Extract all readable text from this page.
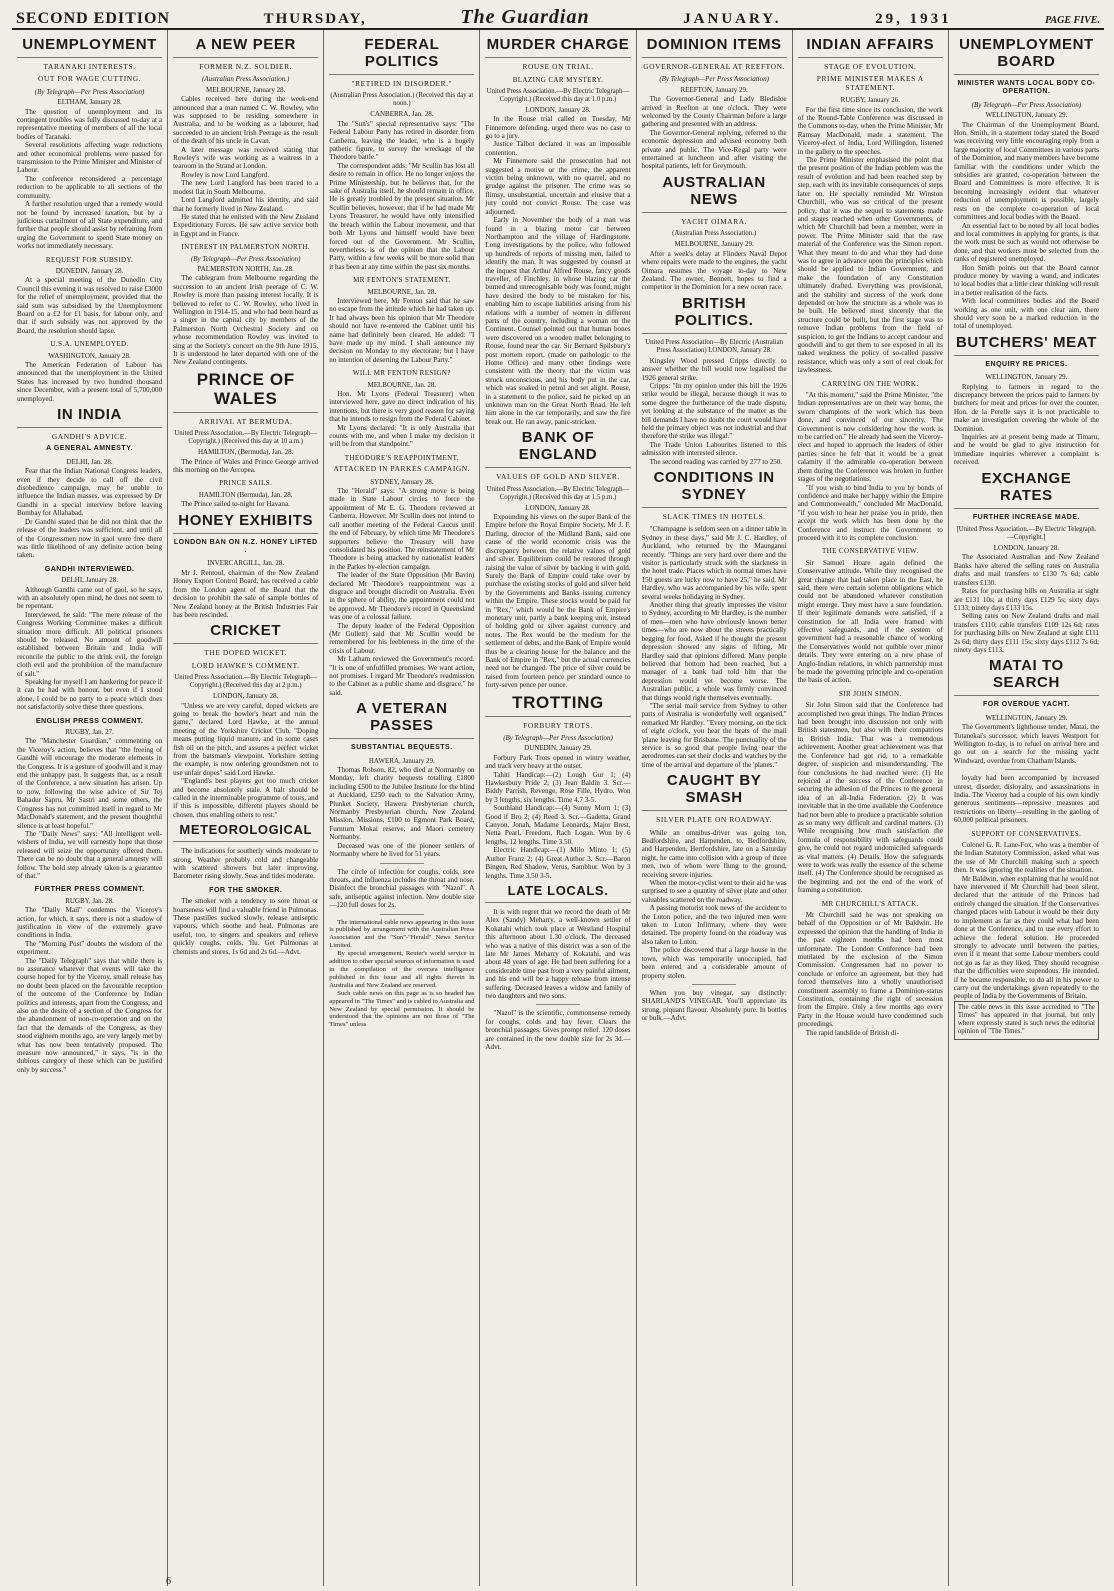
SECOND EDITION	THURSDAY,	The Guardian	JANUARY.	29, 1931	PAGE FIVE.
UNEMPLOYMENT
TARANAKI INTERESTS.
OUT FOR WAGE CUTTING.
(By Telegraph—Per Press Association)
ELTHAM, January 28.

The question of unemployment and its contingent troubles was fully discussed to-day at a representative meeting of members of all the local bodies of Taranaki.

Several resolutions affecting wage reductions and other economical problems were passed for transmission to the Prime Minister and Minister of Labour.

The conference reconsidered a percentage reduction to be applicable to all sections of the community.

A further resolution urged that a remedy would not be found by increased taxation, but by a judicious curtailment of all State expenditure, and further that people should assist by refraining from urging the Government to spend State money on works not immediately necessary.

REQUEST FOR SUBSIDY.
DUNEDIN, January 28.

At a special meeting of the Dunedin City Council this evening it was resolved to raise £3000 for the relief of unemployment, provided that the said sum was subsidised by the Unemployment Board on a £2 for £1 basis, for labour only, and that if such subsidy was not approved by the Board, the resolution should lapse.

U.S.A. UNEMPLOYED.
WASHINGTON, January 28.

The American Federation of Labour has announced that the unemployment in the United States has increased by two hundred thousand since December, with a present total of 5,700,000 unemployed.

IN INDIA
GANDHI'S ADVICE.
A GENERAL AMNESTY.
DELHI, Jan. 28.

Fear that the Indian National Congress leaders, even if they decide to call off the civil disobedience campaign, may be unable to influence the Indian masses, was expressed by Dr Gandhi in a special interview before leaving Bombay for Allahabad.

Dr Gandhi stated that he did not think that the release of the leaders was sufficient, and until all of the Congressmen now in gaol were free there was little likelihood of any definite action being taken.

GANDHI INTERVIEWED.
DELHI, January 28.

Although Gandhi came out of gaol, so he says, with an absolutely open mind, he does not seem to be repentant.

Interviewed, he said: "The mere release of the Congress Working Committee makes a difficult situation more difficult. All political prisoners should be released. No amount of goodwill established between Britain and India will reconcile the public to the drink evil, the foreign cloth evil and the prohibition of the manufacture of salt."

Speaking for myself I am hankering for peace if it can be had with honour, but even if I stood alone, I could be no party to a peace which does not satisfactorily solve these three questions.

ENGLISH PRESS COMMENT.
RUGBY, Jan. 27.

The "Manchester Guardian," commenting on the Viceroy's action, believes that "the freeing of Gandhi will encourage the moderate elements in the Congress. It is a gesture of goodwill and it may end the unhappy past. It suggests that, as a result of the Conference, a new situation has arisen. Up to now, following the wise advice of Sir Tej Bahadur Sapru, Mr Sastri and some others, the Congress has not committed itself in regard to Mr MacDonald's statement, and the present thoughtful silence is at least hopeful."

The "Daily News" says: "All intelligent well-wishers of India, we will earnestly hope that those released will seize the opportunity offered them. There can be no doubt that a general amnesty will follow. The bold step already taken is a guarantee of that."

FURTHER PRESS COMMENT.
RUGBY, Jan. 28.

The "Daily Mail" condemns the Viceroy's action, for which, it says, there is not a shadow of justification in view of the extremely grave conditions in India.

The "Morning Post" doubts the wisdom of the experiment.

The "Daily Telegraph" says that while there is no assurance whatever that events will take the course hoped for by the Viceroy, small release has no doubt been placed on the favourable reception of the outcome of the Conference by Indian politics and interests, apart from the Congress, and also on the desire of a section of the Congress for the abandonment of non-co-operation and on the fact that the demands of the Congress, as they stood eighteen months ago, are very largely met by what has now been tentatively proposed. The measure now announced," it says, "is in the dubious category of those which can be justified only by success."

A NEW PEER
FORMER N.Z. SOLDIER.
(Australian Press Association.)
MELBOURNE, January 28.

Cables received here during the week-end announced that a man named C. W. Rowley, who was supposed to be residing somewhere in Australia, and to be working as a labourer, had succeeded to an ancient Irish Peerage as the result of the death of his uncle in Cavan.

A later message was received stating that Rowley's wife was working as a waitress in a tearoom in the Strand at London.

Rowley is now Lord Langford.

The new Lord Langford has been traced to a modest flat in South Melbourne.

Lord Langford admitted his identity, and said that he formerly lived in New Zealand.

He stated that he enlisted with the New Zealand Expeditionary Forces. He saw active service both in Egypt and in France.

INTEREST IN PALMERSTON NORTH.
(By Telegraph—Per Press Association)
PALMERSTON NORTH, Jan. 28.

The cablegram from Melbourne regarding the succession to an ancient Irish peerage of C. W. Rowley is more than passing interest locally. It is believed to refer to C. W. Rowley, who lived in Wellington in 1914-15, and who had been heard as a singer in the capital city by members of the Palmerston North Orchestral Society and on whose recommendation Rowley was invited to sing at the Society's concert on the 9th June 1915. It is understood he later departed with one of the New Zealand contingents.

PRINCE OF WALES
ARRIVAL AT BERMUDA.
United Press Association.—By Electric Telegraph—Copyright.) (Received this day at 10 a.m.)
HAMILTON, (Bermuda), Jan. 28.

The Prince of Wales and Prince George arrived this morning on the Arcopea.

PRINCE SAILS.
HAMILTON (Bermuda), Jan. 28.

The Prince sailed to-night for Havana.

HONEY EXHIBITS
LONDON BAN ON N.Z. HONEY LIFTED .
INVERCARGILL, Jan. 28.

Mr J. Rentoul, chairman of the New Zealand Honey Export Control Board, has received a cable from the London agent of the Board that the decision to prohibit the sale of sample bottles of New Zealand honey at the British Industries Fair has been rescinded.

CRICKET
THE DOPED WICKET.
LORD HAWKE'S COMMENT.
United Press Association.—By Electric Telegraph—Copyright.) (Received this day at 2 p.m.)
LONDON, January 28.

"Unless we are very careful, doped wickets are going to break the bowler's heart and ruin the game," declared Lord Hawke, at the annual meeting of the Yorkshire Cricket Club. "Doping means putting liquid manure, and in some cases fish oil on the pitch, and assures a perfect wicket from the batsman's viewpoint. Yorkshire setting the example, is now ordering groundsmen not to use unfair dopes" said Lord Hawke.

"England's best players got too much cricket and become absolutely stale. A halt should be called in the interminable programme of tours, and if this is impossible, different players should be chosen, thus enabling others to rest."

METEOROLOGICAL

The indications for southerly winds moderate to strong. Weather probably cold and changeable with scattered showers but later improving. Barometer rising slowly. Seas and tides moderate.

FOR THE SMOKER.

The smoker with a tendency to sore throat or hoarseness will find a valuable friend in Pulmonas. These pastilles sucked slowly, release antiseptic vapours, which soothe and heal. Pulmonas are useful, too, to singers and speakers and relieve quickly coughs, colds, 'flu. Get Pulmonas at chemists and stores, 1s 6d and 2s 6d.—Advt.

FEDERAL POLITICS
"RETIRED IN DISORDER."
(Australian Press Association.) (Received this day at noon.)
CANBERRA, Jan. 28.

The "Sun's" special representative says: "The Federal Labour Party has retired in disorder from Canberra, leaving the leader, who is a hugely pathetic figure, to survey the wreckage of the Theodore battle."

The correspondent adds: "Mr Scullin has lost all desire to remain in office. He no longer enjoys the Prime Ministership, but he believes that, for the sake of Australia itself, he should remain in office. He is greatly troubled by the present situation. Mr Scullin believes, however, that if he had made Mr Lyons Treasurer, he would have only intensified the breach within the Labour movement, and that both Mr Lyons and himself would have been forced out of the Government. Mr Scullin, nevertheless, is of the opinion that the Labour Party, within a few weeks will be more solid than it has been at any time within the past six months.

MR FENTON'S STATEMENT.
MELBOURNE, Jan. 28.

Interviewed here, Mr Fenton said that he saw no escape from the attitude which he had taken up. It had always been his opinion that Mr Theodore should not have re-entered the Cabinet until his name had definitely been cleared. He added: "I have made up my mind. I shall announce my decision on Monday to my electorate; but I have no intention of deserting the Labour Party."

WILL MR FENTON RESIGN?
MELBOURNE, Jan. 28.

Hon. Mr Lyons (Federal Treasurer) when interviewed here, gave no direct indication of his intentions, but there is very good reason for saying that he intends to resign from the Federal Cabinet.

Mr Lyons declared: "It is only Australia that counts with me, and when I make my decision it will be from that standpoint."

THEODORE'S REAPPOINTMENT.
ATTACKED IN PARKES CAMPAIGN.
SYDNEY, January 28.

The "Herald" says: "A strong move is being made in State Labour circles to force the appointment of Mr E. G. Theodore reviewed at Canberra. However, Mr Scullin does not intend to call another meeting of the Federal Caucus until the end of February, by which time Mr Theodore's supporters believe the Treasury will have consolidated his position. The reinstatement of Mr Theodore is being attacked by nationalist leaders in the Parkes by-election campaign.

The leader of the State Opposition (Mr Bavin) declared Mr Theodore's reappointment was a disgrace and brought discredit on Australia. Even in the sphere of ability, the appointment could not be approved. Mr Theodore's record in Queensland was one of a colossal failure.

The deputy leader of the Federal Opposition (Mr Gullett) said that Mr Scullin would be remembered for his feebleness in the time of the crisis of Labour.

Mr Latham reviewed the Government's record. "It is one of unfulfilled promises. We want action, not promises. I regard Mr Theodore's readmission to the Cabinet as a public shame and disgrace," he said.

A VETERAN PASSES
SUBSTANTIAL BEQUESTS.
HAWERA, January 29.

Thomas Robson, 82, who died at Normanby on Monday, left charity bequests totalling £1800 including £500 to the Jubilee Institute for the blind at Auckland, £250 each to the Salvation Army, Plunket Society, Hawera Presbyterian church, Normanby Presbyterian church, New Zealand Mission, Missions, £100 to Egmont Park Board, Furnturn Mokai reserve, and Maori cemetery Normanby.

Deceased was one of the pioneer settlers of Normanby where he lived for 51 years.

The circle of infection for coughs, colds, sore throats, and influenza includes the throat and nose. Disinfect the bronchial passages with "Nazol". A safe, antiseptic against infection. New double size—120 full doses for 2s.

The international cable news appearing in this issue is published by arrangement with the Australian Press Association and the "Sun"-"Herald" News Service Limited.

By special arrangement, Reuter's world service in addition to other special sources of information is used in the compilation of the oversea intelligence published in this issue and all rights therein in Australia and New Zealand are reserved.

Such cable news on this page as is so headed has appeared in "The Times" and is cabled to Australia and New Zealand by special permission. It should be understood that the opinions are not those of "The Times" unless

MURDER CHARGE
ROUSE ON TRIAL.
BLAZING CAR MYSTERY.
United Press Association.—By Electric Telegraph—Copyright.) (Received this day at 1.0 p.m.)
LONDON, January 28.

In the Rouse trial called on Tuesday, Mr Finnemore defending, urged there was no case to go to a jury.

Justice Talbot declared it was an impossible contention.

Mr Finnemore said the prosecution had not suggested a motive or the crime, the apparent victim being unknown, with no quarrel, and no grudge against the prisoner. The crime was so flimsy, unsubstantial, uncertain and elusive that a jury could not convict Rouse. The case was adjourned.

Early in November the body of a man was found in a blazing motor car between Northampton and the village of Hardingstone. Long investigations by the police, who followed up hundreds of reports of missing men, failed to identify the man. It was suggested by counsel at the inquest that Arthur Alfred Rouse, fancy goods traveller, of Finchley, in whose blazing car the burned and unrecognisable body was found, might have desired the body to be mistaken for his, enabling him to escape liabilities arising from his relations with a number of women in different parts of the country, including a woman on the Continent. Counsel pointed out that human bones were discovered on a wooden mallet belonging to Rouse, found near the car. Sir Bernard Spilsbury's post mortem report, (made on pathologic to the Home Office) and many other findings were consistent with the theory that the victim was struck unconscious, and his body put in the car, which was soaked in petrol and set alight. Rouse, in a statement to the police, said he picked up an unknown man on the Great North Road. He left him alone in the car temporarily, and saw the fire break out. He ran away, panic-stricken.

BANK OF ENGLAND
VALUES OF GOLD AND SILVER.
United Press Association.—By Electric Telegraph—Copyright.) (Received this day at 1.5 p.m.)
LONDON, January 28.

Expounding his views on the super Bank of the Empire before the Royal Empire Society, Mr J. F. Darling, director of the Midland Bank, said one cause of the world economic crisis was the discrepancy between the relative values of gold and silver. Equilibrium could be restored through raising the value of silver by backing it with gold. Surely the Bank of Empire could take over by purchase the existing stocks of gold and silver held by the Governments and Banks issuing currency within the Empire. These stocks would be paid for in "Rex," which would be the Bank of Empire's monetary unit, partly a bank keeping unit, instead of holding gold or silver against currency and notes. The Rex would be the medium for the settlement of debts, and the Bank of Empire would thus be a clearing house for the balance and the Bank of Empire in "Rex," but the actual currencies need not be changed. The price of silver could be raised from fourteen pence per standard ounce to forty-seven pence per ounce.

TROTTING
FORBURY TROTS.
(By Telegraph—Per Press Association)
DUNEDIN, January 29.

Forbury Park Trots opened in wintry weather, and track very heavy at the outset.

Tahiti Handicap:—(2) Lough Gur 1; (4) Hawkesbury Pride 2; (3) Jean Baldin 3. Scr.—Biddy Parrish, Revenge, Rose Fille, Hydro. Won by 3 lengths, six lengths. Time 4.7 3-5.

Southland Handicap:—(4) Sunny Morn 1; (3) Good if Bro 2; (4) Reed 3. Scr.—Gadetta, Grand Canyon, Jonah, Madame Leonards, Major Brest, Netta Pearl, Freedom, Rach Logan. Won by 6 lengths, 12 lengths. Time 3.50.

Electric Handicap:—(1) Milo Minto 1; (5) Author Franz 2; (4) Great Author 3. Scr.—Baron Bingen, Red Shadow, Verus, Sambhur. Won by 3 lengths. Time 3.50 3-5.

LATE LOCALS.

It is with regret that we record the death of Mr Alex (Sandy) Meharry, a well-known settler of Kokatahi which took place at Westland Hospital this afternoon about 1.30 o'clock. The deceased who was a native of this district was a son of the late Mr James Meharry of Kokatahi, and was about 48 years of age. He had been suffering for a considerable time past from a very painful ailment, and his end will be a happy release from intense suffering. Deceased leaves a widow and family of two daughters and two sons.

"Nazol" is the scientific, commonsense remedy for coughs, colds and hay fever. Clears the bronchial passages. Gives prompt relief. 120 doses are contained in the new double size for 2s 3d.—Advt.

DOMINION ITEMS
GOVERNOR-GENERAL AT REEFTON.
(By Telegraph—Per Press Association)
REEFTON, January 29.

The Governor-General and Lady Bledisloe arrived in Reefton at one o'clock. They were welcomed by the County Chairman before a large gathering and presented with an address.

The Governor-General replying, referred to the economic depression and advised economy both private and public. The Vice-Regal party were entertained at luncheon and after visiting the hospital patients, left for Greymouth.

AUSTRALIAN NEWS
YACHT OIMARA.
(Australian Press Association.)
MELBOURNE, January 29.

After a week's delay at Flinders Naval Depot where repairs were made to the engines, the yacht Oimara resumes the voyage to-day to New Zealand. The owner, Bennett, hopes to find a competitor in the Dominion for a new ocean race.

BRITISH POLITICS.
United Press Association—By Electric (Australian Press Association) LONDON, January 28.

Kingsley Wood pressed Cripps directly to answer whether the bill would now legalised the 1926 general strike.

Cripps: "In my opinion under this bill the 1926 strike would be illegal, because though it was to some degree the furtherance of the trade dispute, yet looking at the substance of the matter as the bill demands I have no doubt the court would have held the primary object was not industrial and that therefore the strike was illegal."

The Trade Union Labourites listened to this admission with interested silence.

The second reading was carried by 277 to 250.

CONDITIONS IN SYDNEY
SLACK TIMES IN HOTELS.

"Champagne is seldom seen on a dinner table in Sydney in these days," said Mr J. C. Hardley, of Auckland, who returned by the Maunganui recently. "Things are very hard over there and the visitor is particularly struck with the slackness in the hotel trade. Places which in normal times have 150 guests are lucky now to have 25," he said. Mr Hardley, who was accompanied by his wife, spent several weeks holidaying in Sydney.

Another thing that greatly impresses the visitor to Sydney, according to Mr Hardley, is the number of men—men who have obviously known better times—who are now about the streets practically begging for food. Asked if he thought the present depression showed any signs of lifting, Mr Hardley said that opinions differed. Many people believed that bottom had been reached, but a manager of a bank had told him that the depression would yet become worse. The Australian public, a whole was firmly convinced that things would right themselves eventually.

"The serial mail service from Sydney to other parts of Australia is wonderfully well organised," remarked Mr Hardley. "Every morning, on the tick of eight o'clock, you hear the beats of the mail 'plane leaving for Brisbane. The punctuality of the service is so good that people living near the aerodromes can set their clocks and watches by the time of the arrival and departure of the 'planes."

CAUGHT BY SMASH
SILVER PLATE ON ROADWAY.

While an omnibus-driver was going ton, Bedfordshire, and Harpenden, to, Bedfordshire, and Harpenden, Hertfordshire, late on a Saturday night, he came into collision with a group of three men, two of whom were flung to the ground, receiving severe injuries.

When the motor-cyclist went to their aid he was surprised to see a quantity of silver plate and other valuables scattered on the roadway.

A passing motorist took news of the accident to the Luton police, and the two injured men were taken to Luton Infirmary, where they were detained. The property found on the roadway was also taken to Luton.

The police discovered that a large house in the town, which was temporarily unoccupied, had been entered and a considerable amount of property stolen.

When you buy vinegar, say distinctly: SHARLAND'S VINEGAR. You'll appreciate its strong, piquant flavour. Absolutely pure. In bottles or bulk.—Advt.

INDIAN AFFAIRS
STAGE OF EVOLUTION.
PRIME MINISTER MAKES A STATEMENT.
RUGBY, January 26.

For the first time since its conclusion, the work of the Round-Table Conference was discussed in the Commons to-day, when the Prime Minister, Mr Ramsay MacDonald, made a statement. The Viceroy-elect of India, Lord Willingdon, listened in the gallery to the speeches.

The Prime Minister emphasised the point that the present position of the Indian problem was the result of evolution and had been reached step by step, each with its inevitable consequences of steps later on. He specially reminded Mr Winston Churchill, who was so critical of the present policy, that it was the sequel to statements made and stages reached when other Governments, of which Mr Churchill had been a member, were in power. The Prime Minister said that the raw material of the Conference was the Simon report. What they meant to do and what they had done was to agree in advance upon the principles which should be applied to Indian Government, and make the foundation of any Constitution ultimately drafted. Everything was provisional, and the stability and success of the work done depended on how the structure as a whole was to be built. He believed most sincerely that the structure could be built, but the first stage was to remove Indian problems from the field of suspicion, to get the Indians to accept candour and goodwill and to get them to see exposed in all its naked weakness the policy of so-called passive resistance, which was only a sort of real cloak for lawlessness.

CARRYING ON THE WORK.

"At this moment," said the Prime Minister, "the Indian representatives are on their way home, the sworn champions of the work which has been done, and convinced of our sincerity. The Government is now considering how the work is to be carried on." He already had seen the Viceroy-elect and hoped to approach the leaders of other parties since he felt that it would be a great calamity if the admirable co-operation between them during the Conference was broken in further stages of the negotiations.

"If you wish to bind India to you by bonds of confidence and make her happy within the Empire and Commonwealth," concluded Mr MacDonald, "if you wish to hear her praise you in pride, then accept the work which has been done by the Conference and instruct the Government to proceed with it to its complete conclusion.

THE CONSERVATIVE VIEW.

Sir Samuel Hoare again defined the Conservative attitude. While they recognised the great change that had taken place in the East, he said, there were certain solemn obligations which could not be abandoned whatever constitution might emerge. They must have a sure foundation. If their legitimate demands were satisfied, if a constitution for all India were framed with effective safeguards, and if the system of government had a reasonable chance of working the Conservatives would not quibble over minor details. They were entering on a new phase of Anglo-Indian relations, in which partnership must be made the governing principle and co-operation the basis of action.

SIR JOHN SIMON.

Sir John Simon said that the Conference had accomplished two great things. The Indian Princes had been brought into discussion not only with British statesmen, but also with their compatriots in British India. That was a tremendous achievement. Another great achievement was that the Conference had got rid, to a remarkable degree, of suspicion and misunderstanding. The four conclusions he had reached were: (1) He rejoiced at the success of the Conference in securing the adhesion of the Princes to the general idea of an all-India Federation. (2) It was inevitable that in the time available the Conference had not been able to produce a practicable solution as so many very difficult and cardinal matters. (3) While recognising how much satisfaction the formula of responsibility with safeguards could give, he could not regard undomiciled safeguards as vital matters. (4) Details. How the safeguards were to work was really the essence of the scheme itself. (4) The Conference should be recognised as the beginning and not the end of the work of framing a constitution.

MR CHURCHILL'S ATTACK.

Mr Churchill said he was not speaking on behalf of the Opposition or of Mr Baldwin. He expressed the opinion that the handling of India in the past eighteen months had been most unfortunate. The London Conference had been mutilated by the exclusion of the Simon Commission. Congressmen had no power to conclude or enforce an agreement, but they had forced themselves into a wholly unauthorised constituent assembly to frame a Dominion-status Constitution, containing the right of secession from the Empire. Only a few months ago every Party in the House would have condemned such proceedings.

The rapid landslide of British di-

UNEMPLOYMENT BOARD
MINISTER WANTS LOCAL BODY CO-OPERATION.
(By Telegraph—Per Press Association)
WELLINGTON, January 29.

The Chairman of the Unemployment Board, Hon. Smith, in a statement today stated the Board was receiving very little encouraging reply from a large majority of local Committees in various parts of the Dominion, and many members have become familiar with the conditions under which the subsidies are granted, co-operation between the Board and Committees is more effective. It is becoming increasingly evident that whatever reduction of unemployment is possible, largely rests on the complete co-operation of local committees and local bodies with the Board.

An essential fact to be noted by all local bodies and local committees in applying for grants, is that the work must be such as would not otherwise be done, and that workers must be selected from the ranks of registered unemployed.

Hon Smith points out that the Board cannot produce money by waving a wand, and indicates to local bodies that a little clear thinking will result in a better realisation of the facts.

With local committees bodies and the Board working as one unit, with one clear aim, there should very soon be a marked reduction in the total of unemployed.

BUTCHERS' MEAT
ENQUIRY RE PRICES.
WELLINGTON, January 29.

Replying to farmers in regard to the discrepancy between the prices paid to farmers by butchers for meat and prices for over the counter, Hon. de la Perelle says it is not practicable to make an investigation covering the whole of the Dominion.

Inquiries are at present being made at Timaru, and he would be glad to give instruction for immediate inquiries wherever a complaint is received.

EXCHANGE RATES
FURTHER INCREASE MADE.
[United Press Association.—By Electric Telegraph.—Copyright.]
LONDON, January 28.

The Associated Australian and New Zealand Banks have altered the selling rates on Australia drafts and mail transfers to £130 7s 6d; cable transfers £130.

Rates for purchasing bills on Australia at sight are £131 10s; at thirty days £129 5s; sixty days £133; ninety days £133 15s.

Selling rates on New Zealand drafts and mail transfers £110; cable transfers £109 12s 6d; rates for purchasing bills on New Zealand at sight £111 2s 6d; thirty days £111 15s; sixty days £112 7s 6d; ninety days £113.

MATAI TO SEARCH
FOR OVERDUE YACHT.
WELLINGTON, January 29.

The Government's lighthouse tender, Matai, the Tutanekai's successor, which leaves Westport for Wellington to-day, is to refuel on arrival here and go out on a search for the missing yacht Windward, overdue from Chatham Islands.

loyalty had been accompanied by increased unrest, disorder, disloyalty, and assassinations in India. The Viceroy had a couple of his own kindly generous sentiments—repressive measures and restrictions on liberty—resulting in the gaoling of 60,000 political prisoners.

SUPPORT OF CONSERVATIVES.

Colonel G. R. Lane-Fox, who was a member of the Indian Statutory Commission, asked what was the use of Mr Churchill making such a speech then. It was ignoring the realities of the situation.

Mr Baldwin, when explaining that he would not have intervened if Mr Churchill had been silent, declared that the attitude of the Princes had entirely changed the situation. If the Conservatives changed places with Labour it would be their duty to implement as far as they could what had been done at the Conference, and to use every effort to achieve the federal solution. He proceeded strongly to advocate until between the parties, even if it meant that some Labour members could not go as far as they liked. They should recognise that the difficulties were stupendous. He intended, if he became responsible, to do all in his power to carry out the undertakings given repeatedly to the people of India by the Governments of Britain.

The cable news in this issue accredited to "The Times" has appeared in that journal, but only where expressly stated is such news the editorial opinion of "The Times."
6
